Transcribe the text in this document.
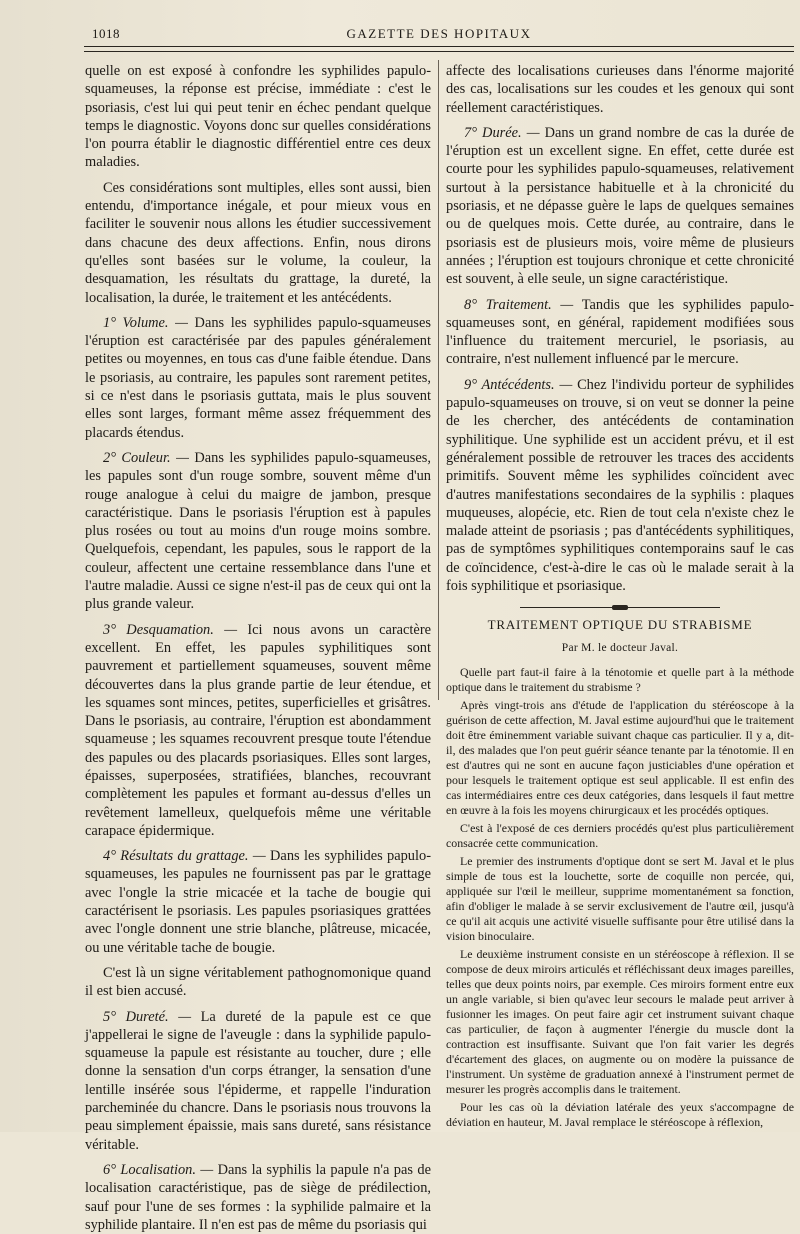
1018	GAZETTE DES HOPITAUX

quelle on est exposé à confondre les syphilides papulo-squameuses, la réponse est précise, immédiate : c'est le psoriasis, c'est lui qui peut tenir en échec pendant quelque temps le diagnostic. Voyons donc sur quelles considérations l'on pourra établir le diagnostic différentiel entre ces deux maladies.

Ces considérations sont multiples, elles sont aussi, bien entendu, d'importance inégale, et pour mieux vous en faciliter le souvenir nous allons les étudier successivement dans chacune des deux affections. Enfin, nous dirons qu'elles sont basées sur le volume, la couleur, la desquamation, les résultats du grattage, la dureté, la localisation, la durée, le traitement et les antécédents.

1° Volume. — Dans les syphilides papulo-squameuses l'éruption est caractérisée par des papules généralement petites ou moyennes, en tous cas d'une faible étendue. Dans le psoriasis, au contraire, les papules sont rarement petites, si ce n'est dans le psoriasis guttata, mais le plus souvent elles sont larges, formant même assez fréquemment des placards étendus.

2° Couleur. — Dans les syphilides papulo-squameuses, les papules sont d'un rouge sombre, souvent même d'un rouge analogue à celui du maigre de jambon, presque caractéristique. Dans le psoriasis l'éruption est à papules plus rosées ou tout au moins d'un rouge moins sombre. Quelquefois, cependant, les papules, sous le rapport de la couleur, affectent une certaine ressemblance dans l'une et l'autre maladie. Aussi ce signe n'est-il pas de ceux qui ont la plus grande valeur.

3° Desquamation. — Ici nous avons un caractère excellent. En effet, les papules syphilitiques sont pauvrement et partiellement squameuses, souvent même découvertes dans la plus grande partie de leur étendue, et les squames sont minces, petites, superficielles et grisâtres. Dans le psoriasis, au contraire, l'éruption est abondamment squameuse ; les squames recouvrent presque toute l'étendue des papules ou des placards psoriasiques. Elles sont larges, épaisses, superposées, stratifiées, blanches, recouvrant complètement les papules et formant au-dessus d'elles un revêtement lamelleux, quelquefois même une véritable carapace épidermique.

4° Résultats du grattage. — Dans les syphilides papulo-squameuses, les papules ne fournissent pas par le grattage avec l'ongle la strie micacée et la tache de bougie qui caractérisent le psoriasis. Les papules psoriasiques grattées avec l'ongle donnent une strie blanche, plâtreuse, micacée, ou une véritable tache de bougie.

C'est là un signe véritablement pathognomonique quand il est bien accusé.

5° Dureté. — La dureté de la papule est ce que j'appellerai le signe de l'aveugle : dans la syphilide papulo-squameuse la papule est résistante au toucher, dure ; elle donne la sensation d'un corps étranger, la sensation d'une lentille insérée sous l'épiderme, et rappelle l'induration parcheminée du chancre. Dans le psoriasis nous trouvons la peau simplement épaissie, mais sans dureté, sans résistance véritable.

6° Localisation. — Dans la syphilis la papule n'a pas de localisation caractéristique, pas de siège de prédilection, sauf pour l'une de ses formes : la syphilide palmaire et la syphilide plantaire. Il n'en est pas de même du psoriasis qui

affecte des localisations curieuses dans l'énorme majorité des cas, localisations sur les coudes et les genoux qui sont réellement caractéristiques.

7° Durée. — Dans un grand nombre de cas la durée de l'éruption est un excellent signe. En effet, cette durée est courte pour les syphilides papulo-squameuses, relativement surtout à la persistance habituelle et à la chronicité du psoriasis, et ne dépasse guère le laps de quelques semaines ou de quelques mois. Cette durée, au contraire, dans le psoriasis est de plusieurs mois, voire même de plusieurs années ; l'éruption est toujours chronique et cette chronicité est souvent, à elle seule, un signe caractéristique.

8° Traitement. — Tandis que les syphilides papulo-squameuses sont, en général, rapidement modifiées sous l'influence du traitement mercuriel, le psoriasis, au contraire, n'est nullement influencé par le mercure.

9° Antécédents. — Chez l'individu porteur de syphilides papulo-squameuses on trouve, si on veut se donner la peine de les chercher, des antécédents de contamination syphilitique. Une syphilide est un accident prévu, et il est généralement possible de retrouver les traces des accidents primitifs. Souvent même les syphilides coïncident avec d'autres manifestations secondaires de la syphilis : plaques muqueuses, alopécie, etc. Rien de tout cela n'existe chez le malade atteint de psoriasis ; pas d'antécédents syphilitiques, pas de symptômes syphilitiques contemporains sauf le cas de coïncidence, c'est-à-dire le cas où le malade serait à la fois syphilitique et psoriasique.

TRAITEMENT OPTIQUE DU STRABISME
Par M. le docteur Javal.

Quelle part faut-il faire à la ténotomie et quelle part à la méthode optique dans le traitement du strabisme ?

Après vingt-trois ans d'étude de l'application du stéréoscope à la guérison de cette affection, M. Javal estime aujourd'hui que le traitement doit être éminemment variable suivant chaque cas particulier. Il y a, dit-il, des malades que l'on peut guérir séance tenante par la ténotomie. Il en est d'autres qui ne sont en aucune façon justiciables d'une opération et pour lesquels le traitement optique est seul applicable. Il est enfin des cas intermédiaires entre ces deux catégories, dans lesquels il faut mettre en œuvre à la fois les moyens chirurgicaux et les procédés optiques.

C'est à l'exposé de ces derniers procédés qu'est plus particulièrement consacrée cette communication.

Le premier des instruments d'optique dont se sert M. Javal et le plus simple de tous est la louchette, sorte de coquille non percée, qui, appliquée sur l'œil le meilleur, supprime momentanément sa fonction, afin d'obliger le malade à se servir exclusivement de l'autre œil, jusqu'à ce qu'il ait acquis une activité visuelle suffisante pour être utilisé dans la vision binoculaire.

Le deuxième instrument consiste en un stéréoscope à réflexion. Il se compose de deux miroirs articulés et réfléchissant deux images pareilles, telles que deux points noirs, par exemple. Ces miroirs forment entre eux un angle variable, si bien qu'avec leur secours le malade peut arriver à fusionner les images. On peut faire agir cet instrument suivant chaque cas particulier, de façon à augmenter l'énergie du muscle dont la contraction est insuffisante. Suivant que l'on fait varier les degrés d'écartement des glaces, on augmente ou on modère la puissance de l'instrument. Un système de graduation annexé à l'instrument permet de mesurer les progrès accomplis dans le traitement.

Pour les cas où la déviation latérale des yeux s'accompagne de déviation en hauteur, M. Javal remplace le stéréoscope à réflexion,
